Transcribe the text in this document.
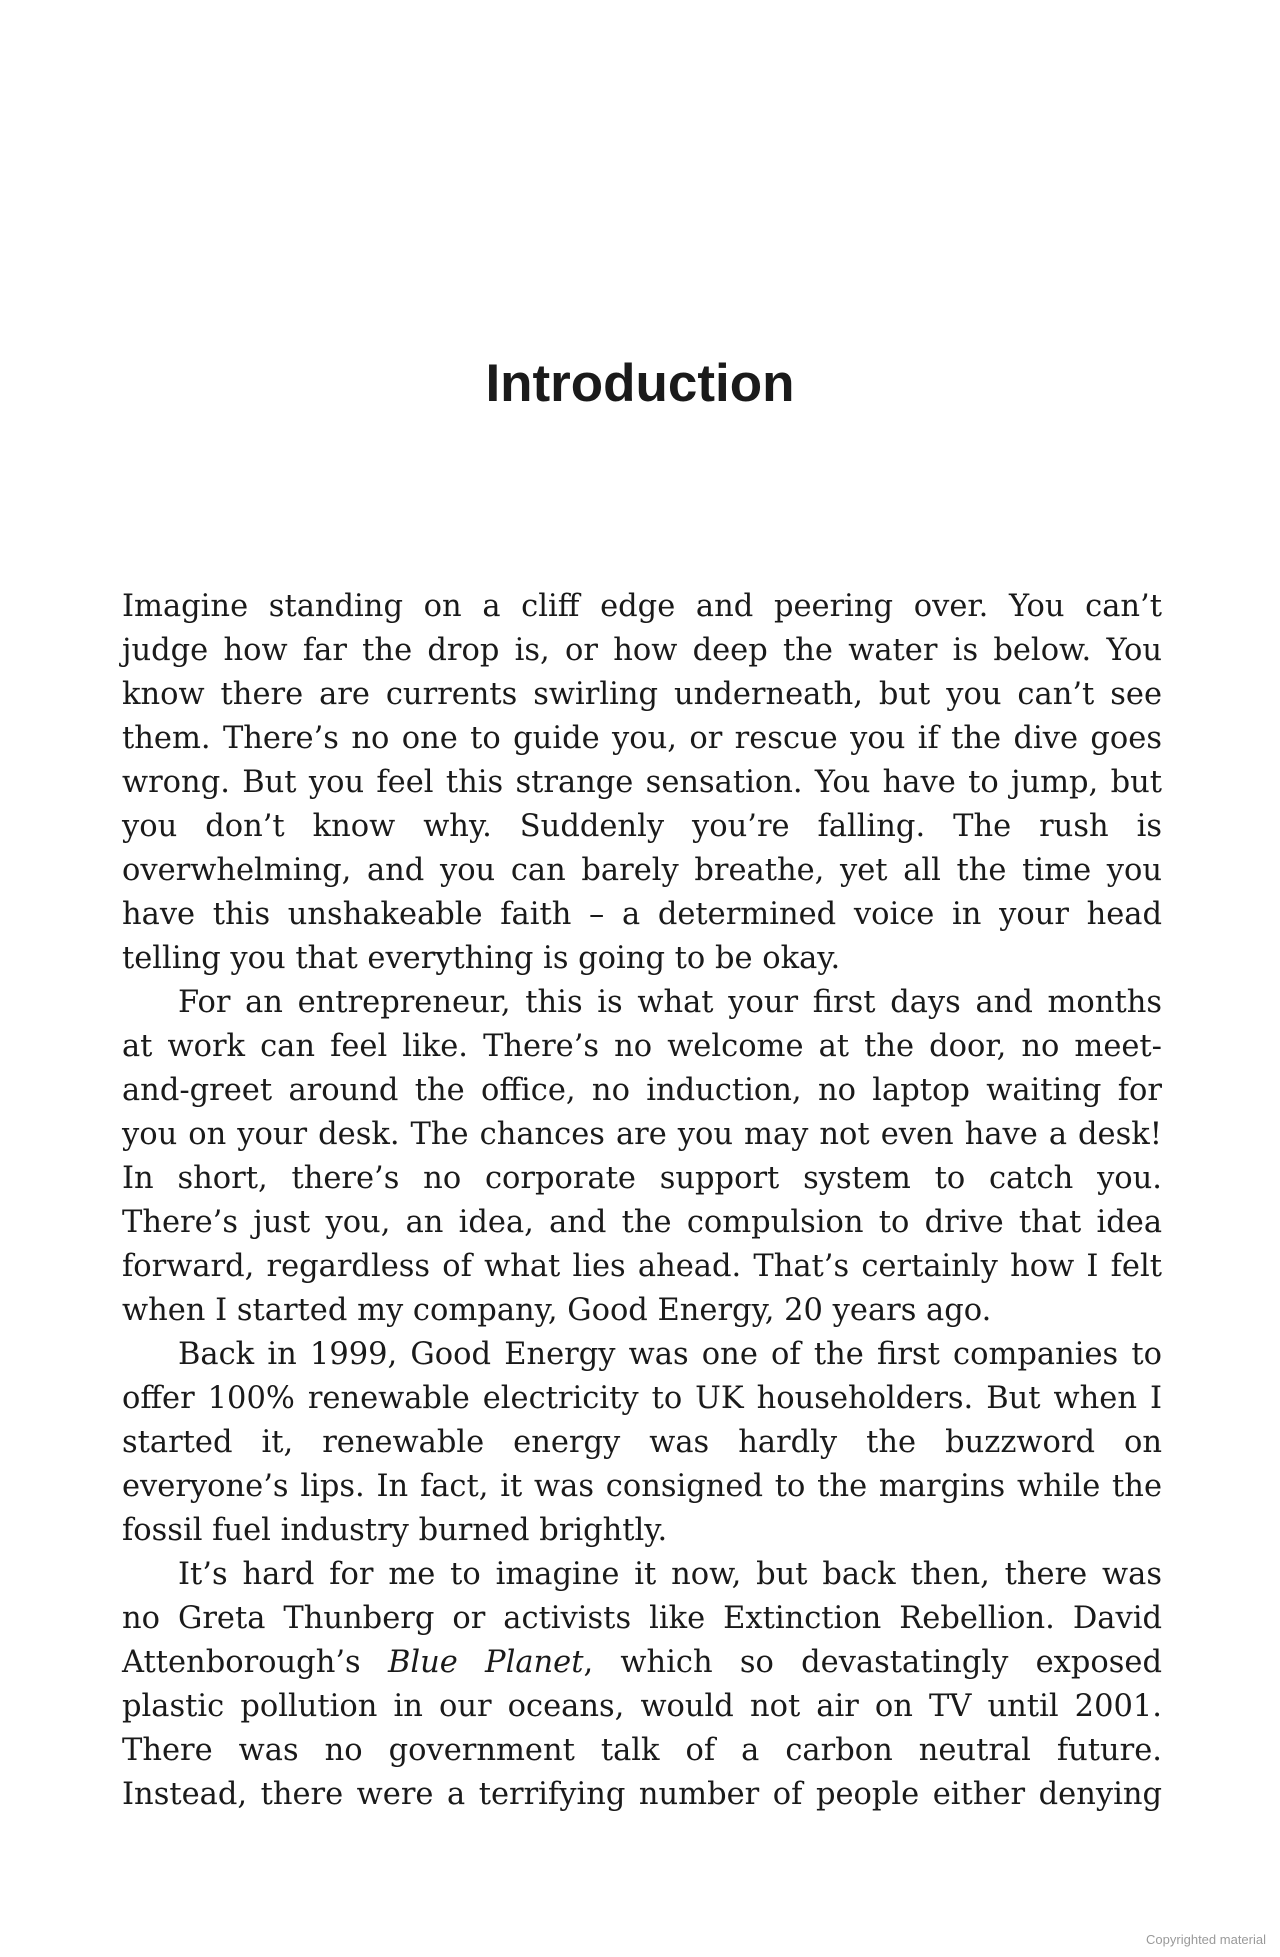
Introduction

Imagine standing on a cliff edge and peering over. You can’t
judge how far the drop is, or how deep the water is below. You
know there are currents swirling underneath, but you can’t see
them. There’s no one to guide you, or rescue you if the dive goes
wrong. But you feel this strange sensation. You have to jump, but
you don’t know why. Suddenly you’re falling. The rush is
overwhelming, and you can barely breathe, yet all the time you
have this unshakeable faith – a determined voice in your head
telling you that everything is going to be okay.

For an entrepreneur, this is what your first days and months
at work can feel like. There’s no welcome at the door, no meet-
and-greet around the office, no induction, no laptop waiting for
you on your desk. The chances are you may not even have a desk!
In short, there’s no corporate support system to catch you.
There’s just you, an idea, and the compulsion to drive that idea
forward, regardless of what lies ahead. That’s certainly how I felt
when I started my company, Good Energy, 20 years ago.

Back in 1999, Good Energy was one of the first companies to
offer 100% renewable electricity to UK householders. But when I
started it, renewable energy was hardly the buzzword on
everyone’s lips. In fact, it was consigned to the margins while the
fossil fuel industry burned brightly.

It’s hard for me to imagine it now, but back then, there was
no Greta Thunberg or activists like Extinction Rebellion. David
Attenborough’s Blue Planet, which so devastatingly exposed
plastic pollution in our oceans, would not air on TV until 2001.
There was no government talk of a carbon neutral future.
Instead, there were a terrifying number of people either denying

Copyrighted material
